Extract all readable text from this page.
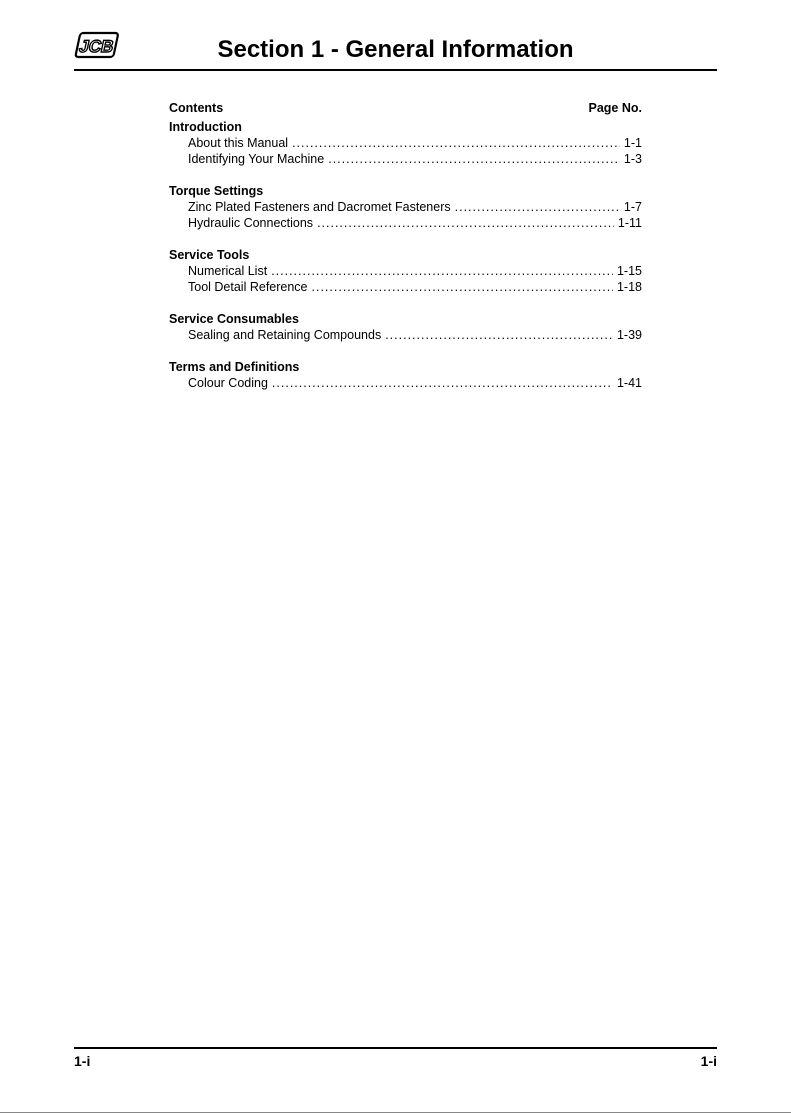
JCB	Section 1 - General Information
Contents	Page No.
Introduction
About this Manual .....	1-1
Identifying Your Machine .....	1-3
Torque Settings
Zinc Plated Fasteners and Dacromet Fasteners .....	1-7
Hydraulic Connections .....	1-11
Service Tools
Numerical List .....	1-15
Tool Detail Reference .....	1-18
Service Consumables
Sealing and Retaining Compounds .....	1-39
Terms and Definitions
Colour Coding .....	1-41
1-i	1-i
